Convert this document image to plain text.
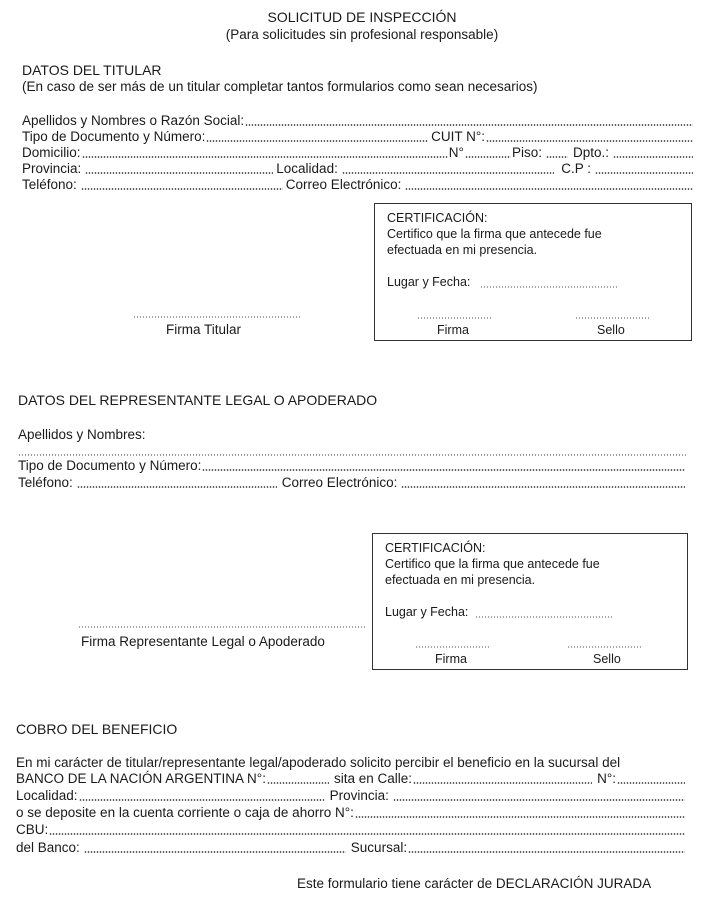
SOLICITUD DE INSPECCIÓN
(Para solicitudes sin profesional responsable)
DATOS DEL TITULAR
(En caso de ser más de un titular completar tantos formularios como sean necesarios)
Apellidos y Nombres o Razón Social:
Tipo de Documento y Número:	CUIT N°:
Domicilio:	N°	Piso: Dpto.:
Provincia:	Localidad:	C.P :
Teléfono:	Correo Electrónico:
Firma Titular
CERTIFICACIÓN:
Certifico que la firma que antecede fue
efectuada en mi presencia.
Lugar y Fecha:
Firma	Sello
DATOS DEL REPRESENTANTE LEGAL O APODERADO
Apellidos y Nombres:
Tipo de Documento y Número:
Teléfono:	Correo Electrónico:
Firma Representante Legal o Apoderado
CERTIFICACIÓN:
Certifico que la firma que antecede fue
efectuada en mi presencia.
Lugar y Fecha:
Firma	Sello
COBRO DEL BENEFICIO
En mi carácter de titular/representante legal/apoderado solicito percibir el beneficio en la sucursal del
BANCO DE LA NACIÓN ARGENTINA N°:	sita en Calle:	N°:
Localidad:	Provincia:
o se deposite en la cuenta corriente o caja de ahorro N°:
CBU:
del Banco:	Sucursal:
Este formulario tiene carácter de DECLARACIÓN JURADA
